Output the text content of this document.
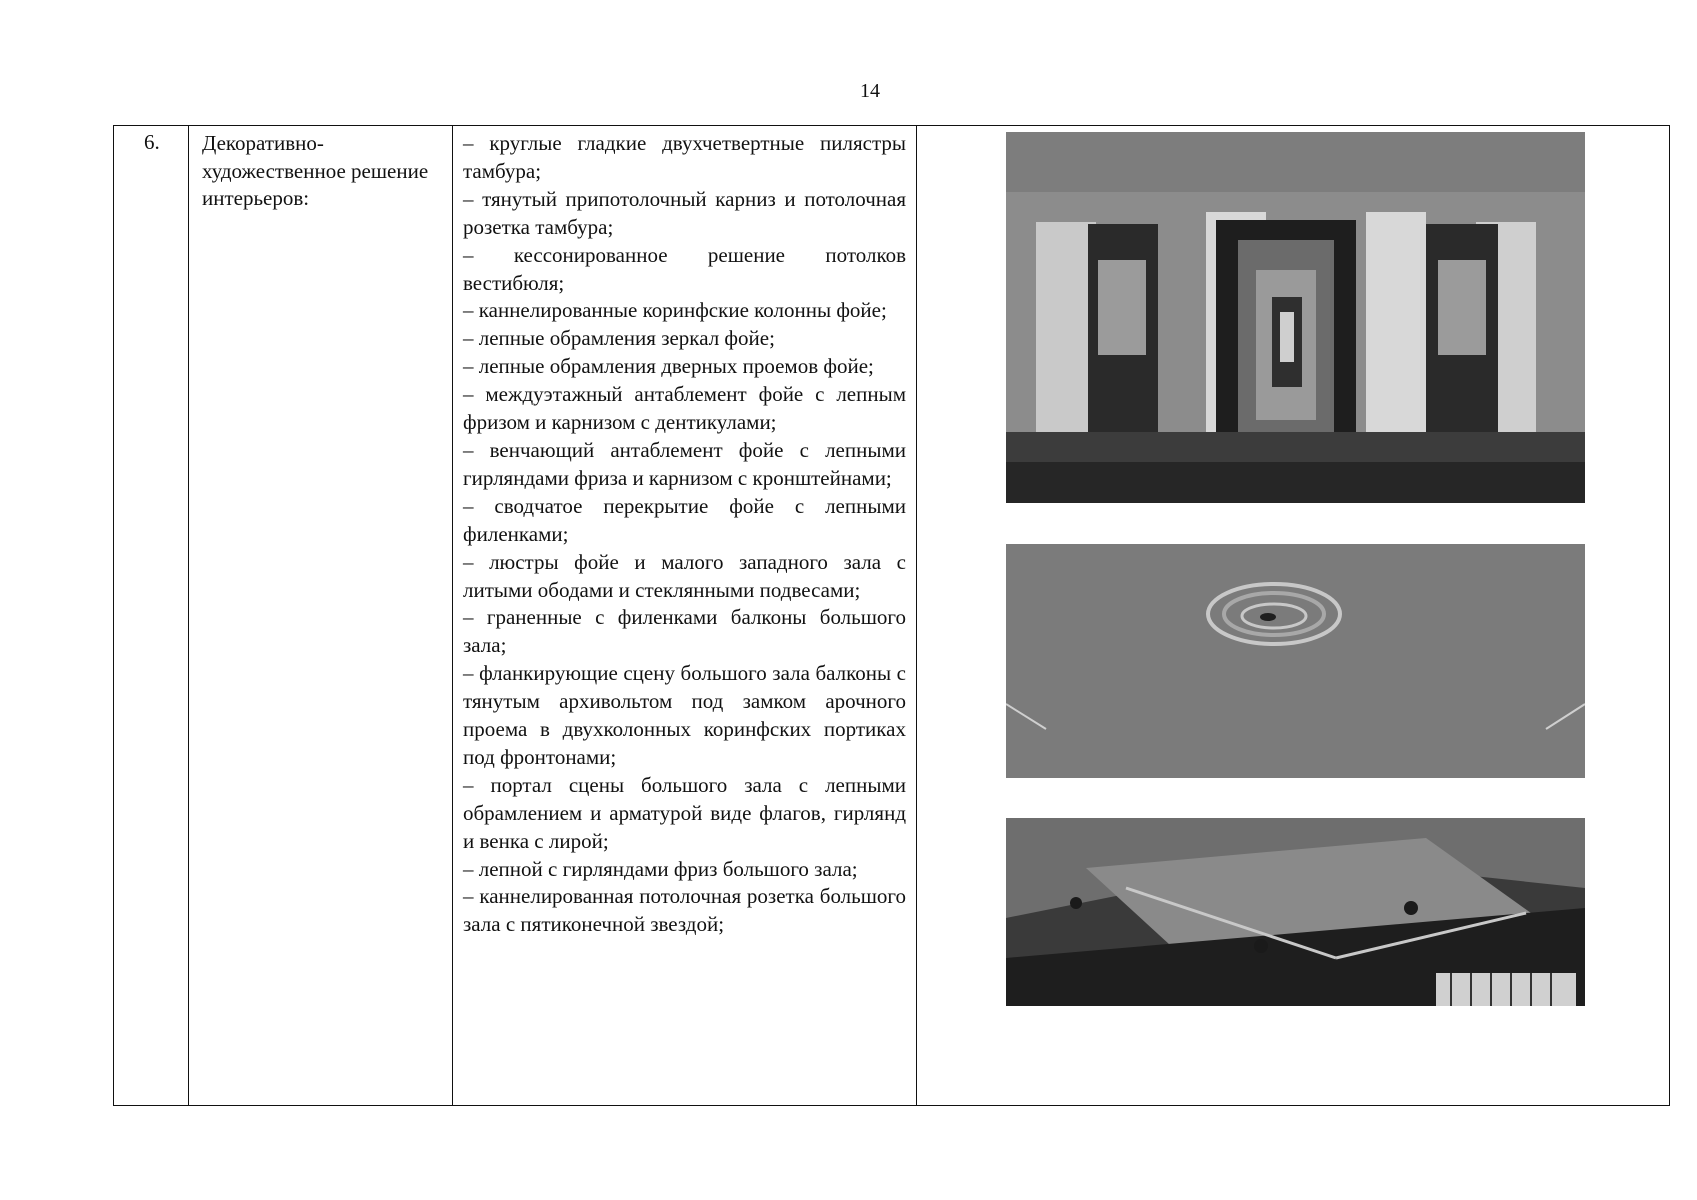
14
6. Декоративно-художественное решение интерьеров:

– круглые гладкие двухчетвертные пилястры тамбура;

– тянутый припотолочный карниз и потолочная розетка тамбура;

– кессонированное решение потолков вестибюля;

– каннелированные коринфские колонны фойе;

– лепные обрамления зеркал фойе;

– лепные обрамления дверных проемов фойе;

– междуэтажный антаблемент фойе с лепным фризом и карнизом с дентикулами;

– венчающий антаблемент фойе с лепными гирляндами фриза и карнизом с кронштейнами;

– сводчатое перекрытие фойе с лепными филенками;

– люстры фойе и малого западного зала с литыми ободами и стеклянными подвесами;

– граненные с филенками балконы большого зала;

– фланкирующие сцену большого зала балконы с тянутым архивольтом под замком арочного проема в двухколонных коринфских портиках под фронтонами;

– портал сцены большого зала с лепными обрамлением и арматурой виде флагов, гирлянд и венка с лирой;

– лепной с гирляндами фриз большого зала;

– каннелированная потолочная розетка большого зала с пятиконечной звездой;
